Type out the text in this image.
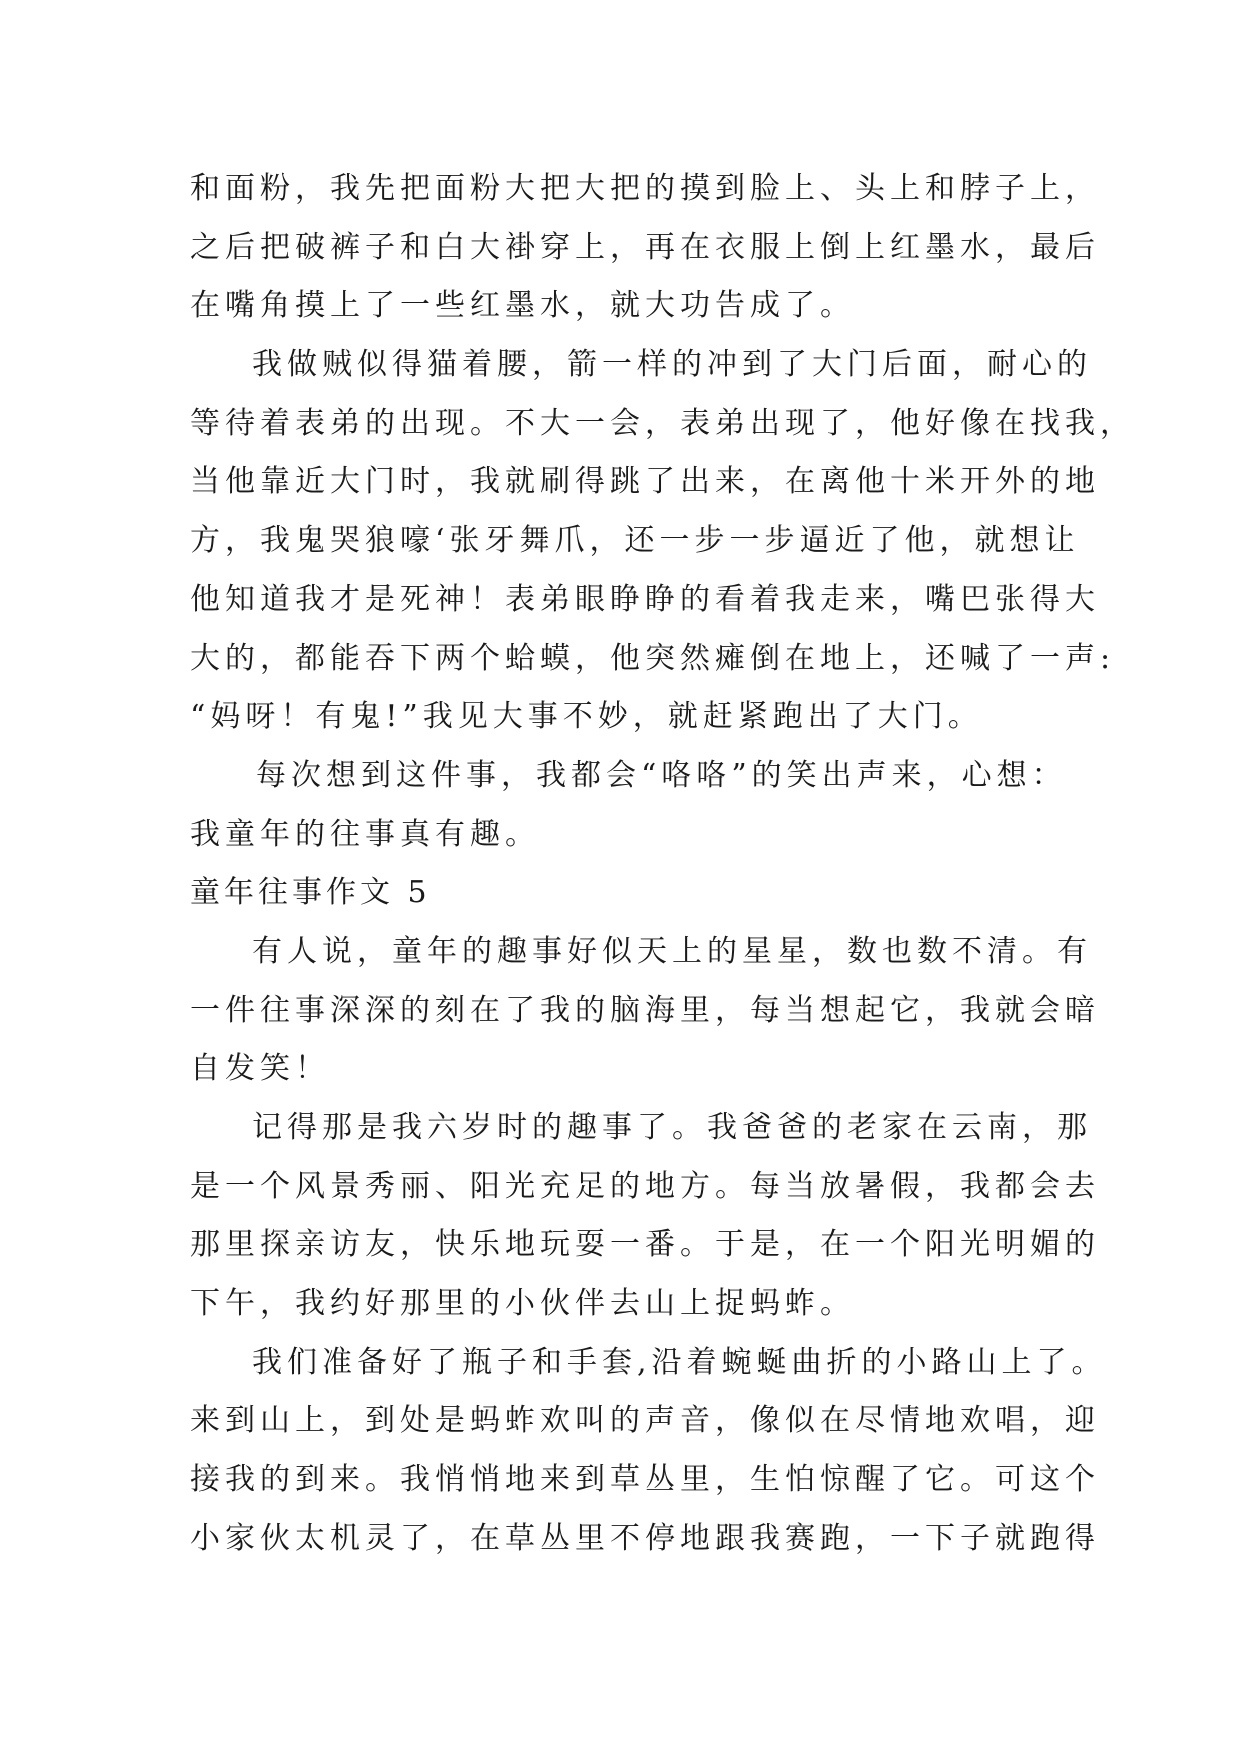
和面粉，我先把面粉大把大把的摸到脸上、头上和脖子上，
之后把破裤子和白大褂穿上，再在衣服上倒上红墨水，最后
在嘴角摸上了一些红墨水，就大功告成了。
我做贼似得猫着腰，箭一样的冲到了大门后面，耐心的
等待着表弟的出现。不大一会，表弟出现了，他好像在找我，
当他靠近大门时，我就刷得跳了出来，在离他十米开外的地
方，我鬼哭狼嚎‘张牙舞爪，还一步一步逼近了他，就想让
他知道我才是死神！表弟眼睁睁的看着我走来，嘴巴张得大
大的，都能吞下两个蛤蟆，他突然瘫倒在地上，还喊了一声:
“妈呀！有鬼!”我见大事不妙，就赶紧跑出了大门。
每次想到这件事，我都会“咯咯”的笑出声来，心想：
我童年的往事真有趣。
童年往事作文 5
有人说，童年的趣事好似天上的星星，数也数不清。有
一件往事深深的刻在了我的脑海里，每当想起它，我就会暗
自发笑！
记得那是我六岁时的趣事了。我爸爸的老家在云南，那
是一个风景秀丽、阳光充足的地方。每当放暑假，我都会去
那里探亲访友，快乐地玩耍一番。于是，在一个阳光明媚的
下午，我约好那里的小伙伴去山上捉蚂蚱。
我们准备好了瓶子和手套,沿着蜿蜒曲折的小路山上了。
来到山上，到处是蚂蚱欢叫的声音，像似在尽情地欢唱，迎
接我的到来。我悄悄地来到草丛里，生怕惊醒了它。可这个
小家伙太机灵了，在草丛里不停地跟我赛跑，一下子就跑得
